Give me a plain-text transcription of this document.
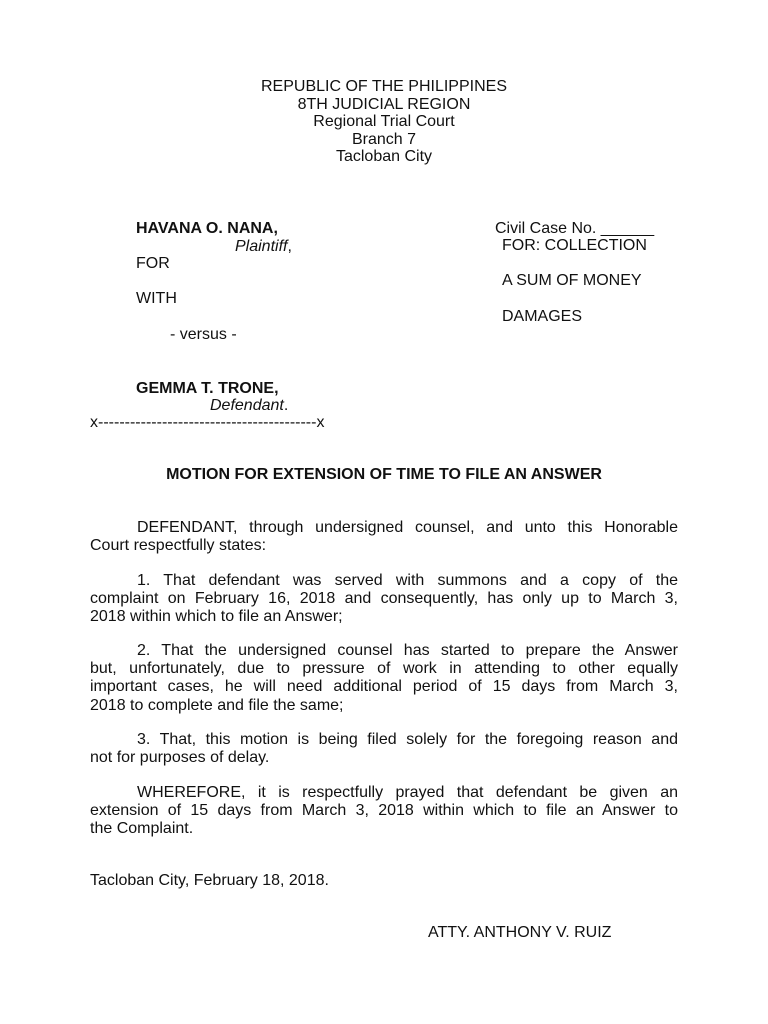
REPUBLIC OF THE PHILIPPINES
8TH JUDICIAL REGION
Regional Trial Court
Branch 7
Tacloban City
HAVANA O. NANA,
Plaintiff,
FOR
WITH
- versus -
GEMMA T. TRONE,
Defendant.
x-----------------------------------------x
Civil Case No. ______
FOR: COLLECTION
A SUM OF MONEY
DAMAGES
MOTION FOR EXTENSION OF TIME TO FILE AN ANSWER
DEFENDANT, through undersigned counsel, and unto this Honorable
Court respectfully states:
1. That defendant was served with summons and a copy of the
complaint on February 16, 2018 and consequently, has only up to March 3,
2018 within which to file an Answer;
2. That the undersigned counsel has started to prepare the Answer
but, unfortunately, due to pressure of work in attending to other equally
important cases, he will need additional period of 15 days from March 3,
2018 to complete and file the same;
3. That, this motion is being filed solely for the foregoing reason and
not for purposes of delay.
WHEREFORE, it is respectfully prayed that defendant be given an
extension of 15 days from March 3, 2018 within which to file an Answer to
the Complaint.
Tacloban City, February 18, 2018.
ATTY. ANTHONY V. RUIZ
